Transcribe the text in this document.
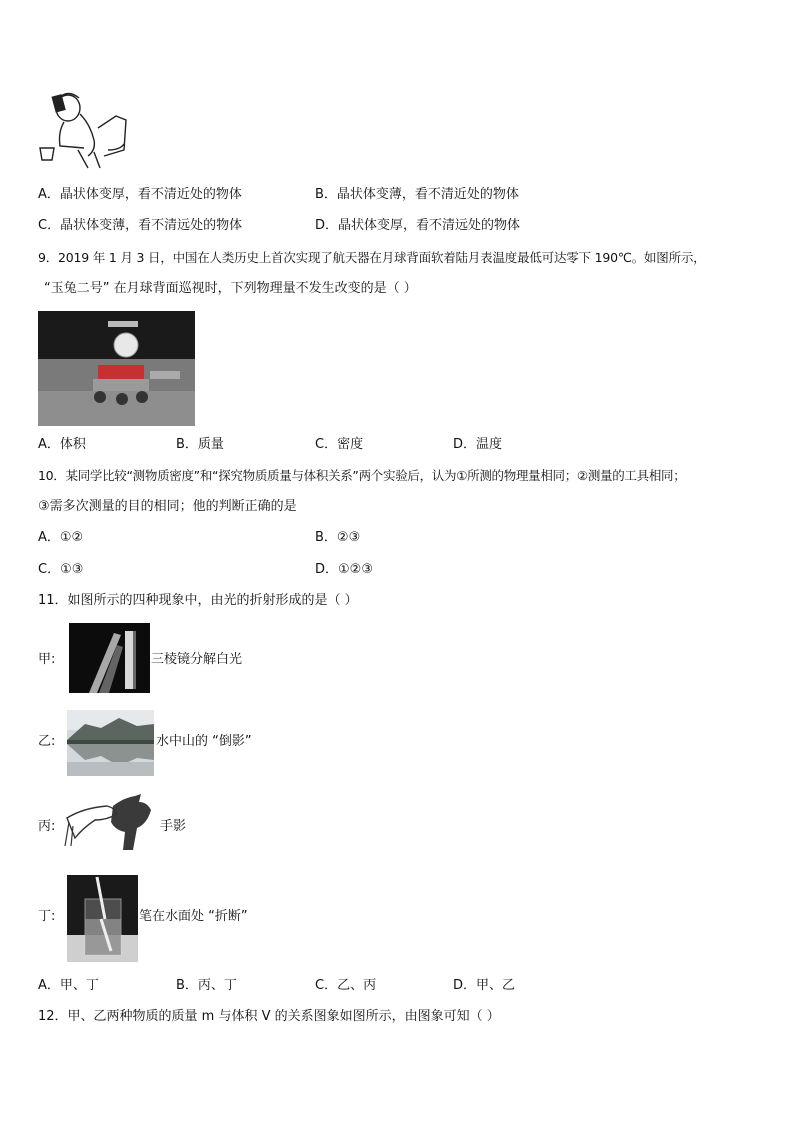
A．晶状体变厚，看不清近处的物体	B．晶状体变薄，看不清近处的物体
C．晶状体变薄，看不清远处的物体	D．晶状体变厚，看不清远处的物体
9．2019 年 1 月 3 日，中国在人类历史上首次实现了航天器在月球背面软着陆月表温度最低可达零下 190℃。如图所示，
“玉兔二号” 在月球背面巡视时，下列物理量不发生改变的是（ ）
A．体积	B．质量	C．密度	D．温度
10．某同学比较“测物质密度”和“探究物质质量与体积关系”两个实验后，认为①所测的物理量相同；②测量的工具相同；
③需多次测量的目的相同；他的判断正确的是
A．①②	B．②③
C．①③	D．①②③
11．如图所示的四种现象中，由光的折射形成的是（ ）
甲:	三棱镜分解白光
乙:	水中山的 “倒影”
丙:	手影
丁:	笔在水面处 “折断”
A．甲、丁	B．丙、丁	C．乙、丙	D．甲、乙
12．甲、乙两种物质的质量 m 与体积 V 的关系图象如图所示，由图象可知（ ）
